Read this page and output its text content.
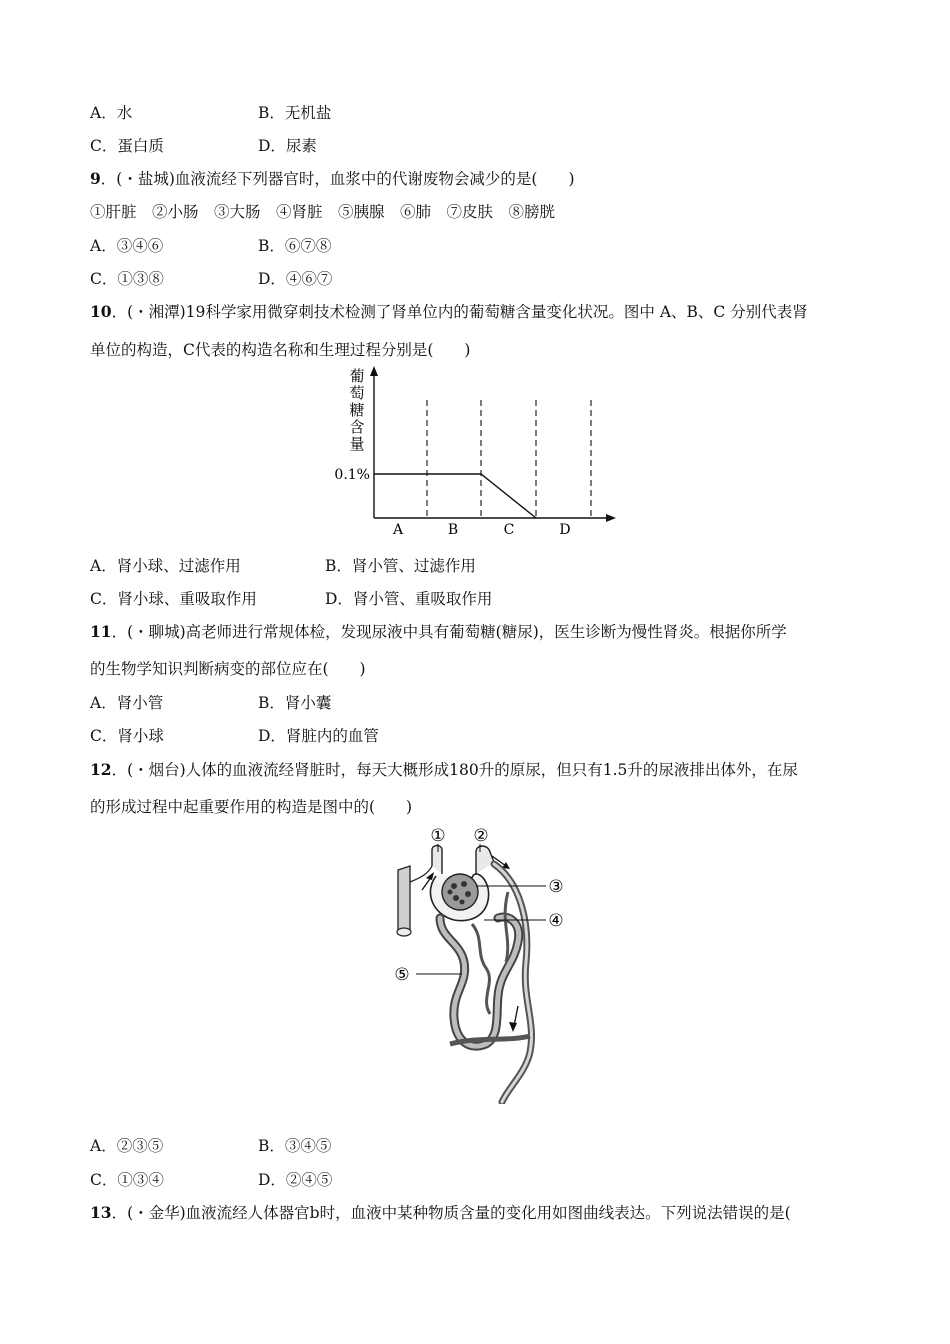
A．水	B．无机盐
C．蛋白质	D．尿素
9．(・盐城)血液流经下列器官时，血浆中的代谢废物会减少的是(　　)
①肝脏　②小肠　③大肠　④肾脏　⑤胰腺　⑥肺　⑦皮肤　⑧膀胱
A．③④⑥	B．⑥⑦⑧
C．①③⑧	D．④⑥⑦
10．(・湘潭)19科学家用微穿刺技术检测了肾单位内的葡萄糖含量变化状况。图中 A、B、C 分别代表肾
单位的构造，C代表的构造名称和生理过程分别是(　　)
葡
萄
糖
含
量
0.1%
A	B	C	D
A．肾小球、过滤作用	B．肾小管、过滤作用
C．肾小球、重吸取作用	D．肾小管、重吸取作用
11．(・聊城)高老师进行常规体检，发现尿液中具有葡萄糖(糖尿)，医生诊断为慢性肾炎。根据你所学
的生物学知识判断病变的部位应在(　　)
A．肾小管	B．肾小囊
C．肾小球	D．肾脏内的血管
12．(・烟台)人体的血液流经肾脏时，每天大概形成180升的原尿，但只有1.5升的尿液排出体外，在尿
的形成过程中起重要作用的构造是图中的(　　)
① ②
③
④
⑤
A．②③⑤	B．③④⑤
C．①③④	D．②④⑤
13．(・金华)血液流经人体器官b时，血液中某种物质含量的变化用如图曲线表达。下列说法错误的是(
